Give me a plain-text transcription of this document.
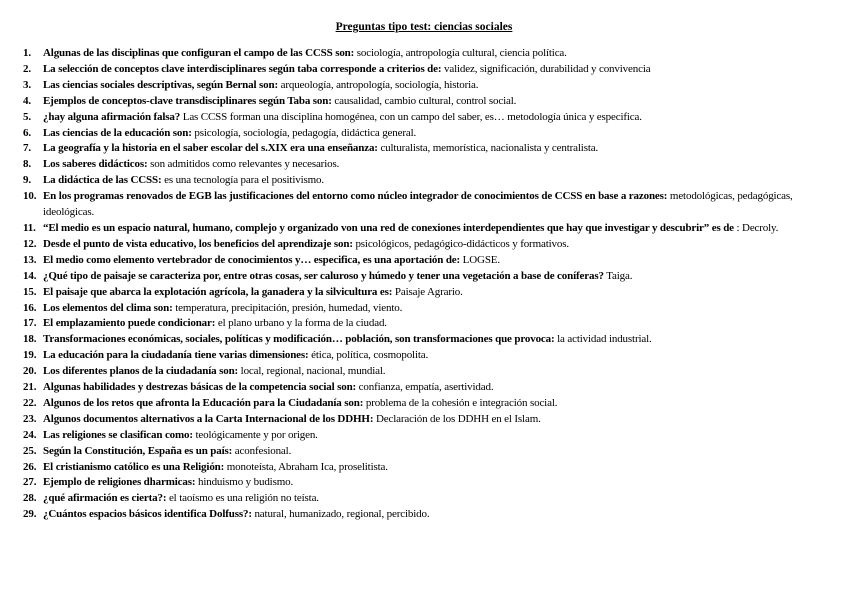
Preguntas tipo test: ciencias sociales
1. Algunas de las disciplinas que configuran el campo de las CCSS son: sociología, antropología cultural, ciencia política.
2. La selección de conceptos clave interdisciplinares según taba corresponde a criterios de: validez, significación, durabilidad y convivencia
3. Las ciencias sociales descriptivas, según Bernal son: arqueología, antropología, sociología, historia.
4. Ejemplos de conceptos-clave transdisciplinares según Taba son: causalidad, cambio cultural, control social.
5. ¿hay alguna afirmación falsa? Las CCSS forman una disciplina homogénea, con un campo del saber, es… metodología única y especifica.
6. Las ciencias de la educación son: psicología, sociología, pedagogía, didáctica general.
7. La geografía y la historia en el saber escolar del s.XIX era una enseñanza: culturalista, memorística, nacionalista y centralista.
8. Los saberes didácticos: son admitidos como relevantes y necesarios.
9. La didáctica de las CCSS: es una tecnología para el positivismo.
10. En los programas renovados de EGB las justificaciones del entorno como núcleo integrador de conocimientos de CCSS en base a razones: metodológicas, pedagógicas, ideológicas.
11. “El medio es un espacio natural, humano, complejo y organizado von una red de conexiones interdependientes que hay que investigar y descubrir” es de : Decroly.
12. Desde el punto de vista educativo, los beneficios del aprendizaje son: psicológicos, pedagógico-didácticos y formativos.
13. El medio como elemento vertebrador de conocimientos y… especifica, es una aportación de: LOGSE.
14. ¿Qué tipo de paisaje se caracteriza por, entre otras cosas, ser caluroso y húmedo y tener una vegetación a base de coníferas? Taiga.
15. El paisaje que abarca la explotación agrícola, la ganadera y la silvicultura es: Paisaje Agrario.
16. Los elementos del clima son: temperatura, precipitación, presión, humedad, viento.
17. El emplazamiento puede condicionar: el plano urbano y la forma de la ciudad.
18. Transformaciones económicas, sociales, políticas y modificación… población, son transformaciones que provoca: la actividad industrial.
19. La educación para la ciudadanía tiene varias dimensiones: ética, política, cosmopolita.
20. Los diferentes planos de la ciudadanía son: local, regional, nacional, mundial.
21. Algunas habilidades y destrezas básicas de la competencia social son: confianza, empatía, asertividad.
22. Algunos de los retos que afronta la Educación para la Ciudadanía son: problema de la cohesión e integración social.
23. Algunos documentos alternativos a la Carta Internacional de los DDHH: Declaración de los DDHH en el Islam.
24. Las religiones se clasifican como: teológicamente y por origen.
25. Según la Constitución, España es un país: aconfesional.
26. El cristianismo católico es una Religión: monoteísta, Abraham Ica, proselitista.
27. Ejemplo de religiones dharmicas: hinduismo y budismo.
28. ¿qué afirmación es cierta?: el taoísmo es una religión no teísta.
29. ¿Cuántos espacios básicos identifica Dolfuss?: natural, humanizado, regional, percibido.
